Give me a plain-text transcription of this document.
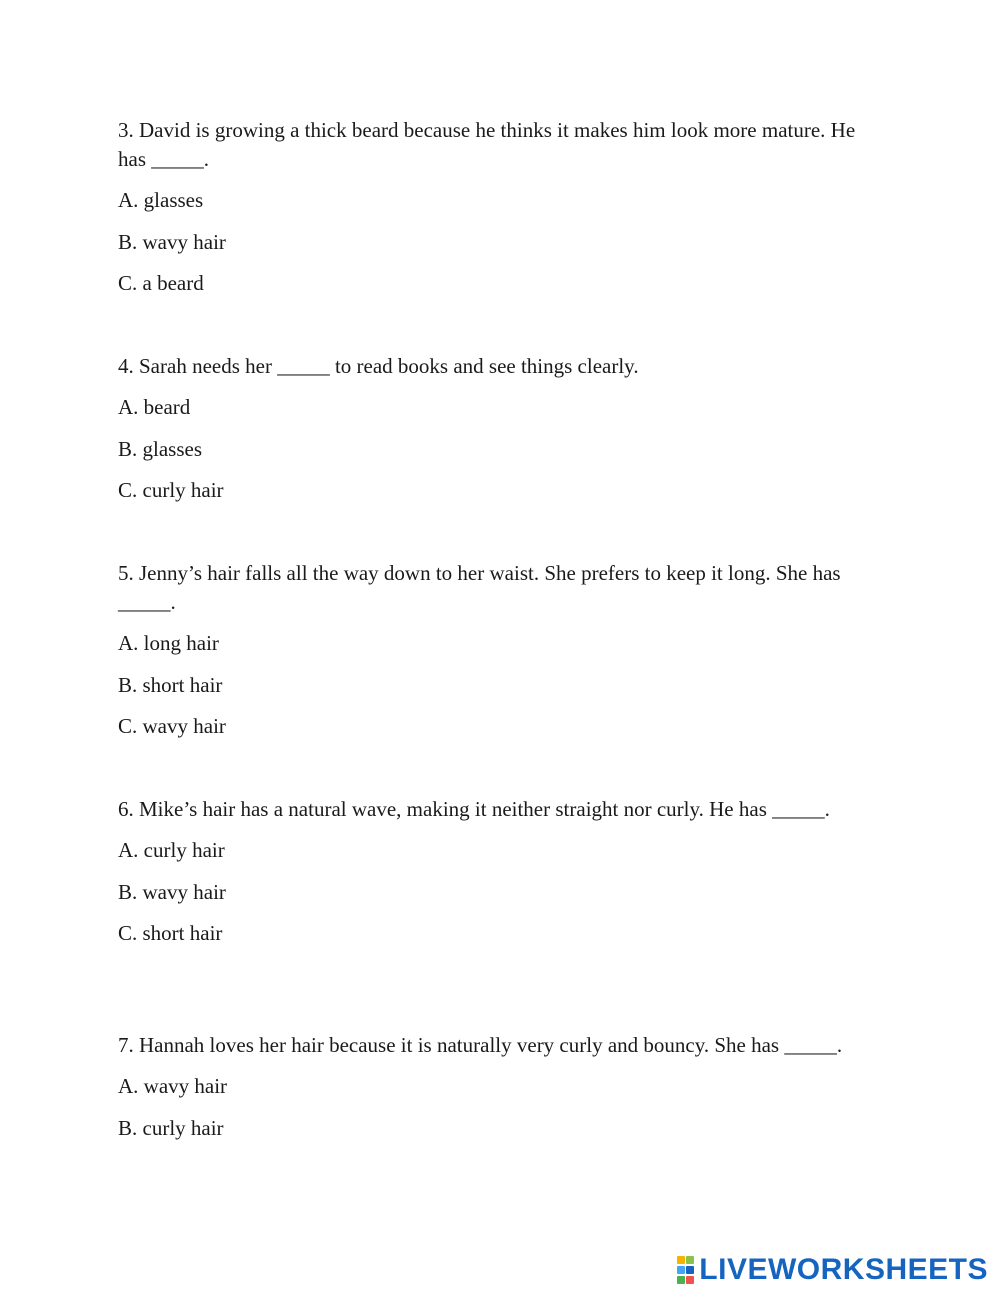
3. David is growing a thick beard because he thinks it makes him look more mature. He has _____.

A. glasses
B. wavy hair
C. a beard

4. Sarah needs her _____ to read books and see things clearly.

A. beard
B. glasses
C. curly hair

5. Jenny’s hair falls all the way down to her waist. She prefers to keep it long. She has _____.

A. long hair
B. short hair
C. wavy hair

6. Mike’s hair has a natural wave, making it neither straight nor curly. He has _____.

A. curly hair
B. wavy hair
C. short hair

7. Hannah loves her hair because it is naturally very curly and bouncy. She has _____.

A. wavy hair
B. curly hair
LIVEWORKSHEETS
